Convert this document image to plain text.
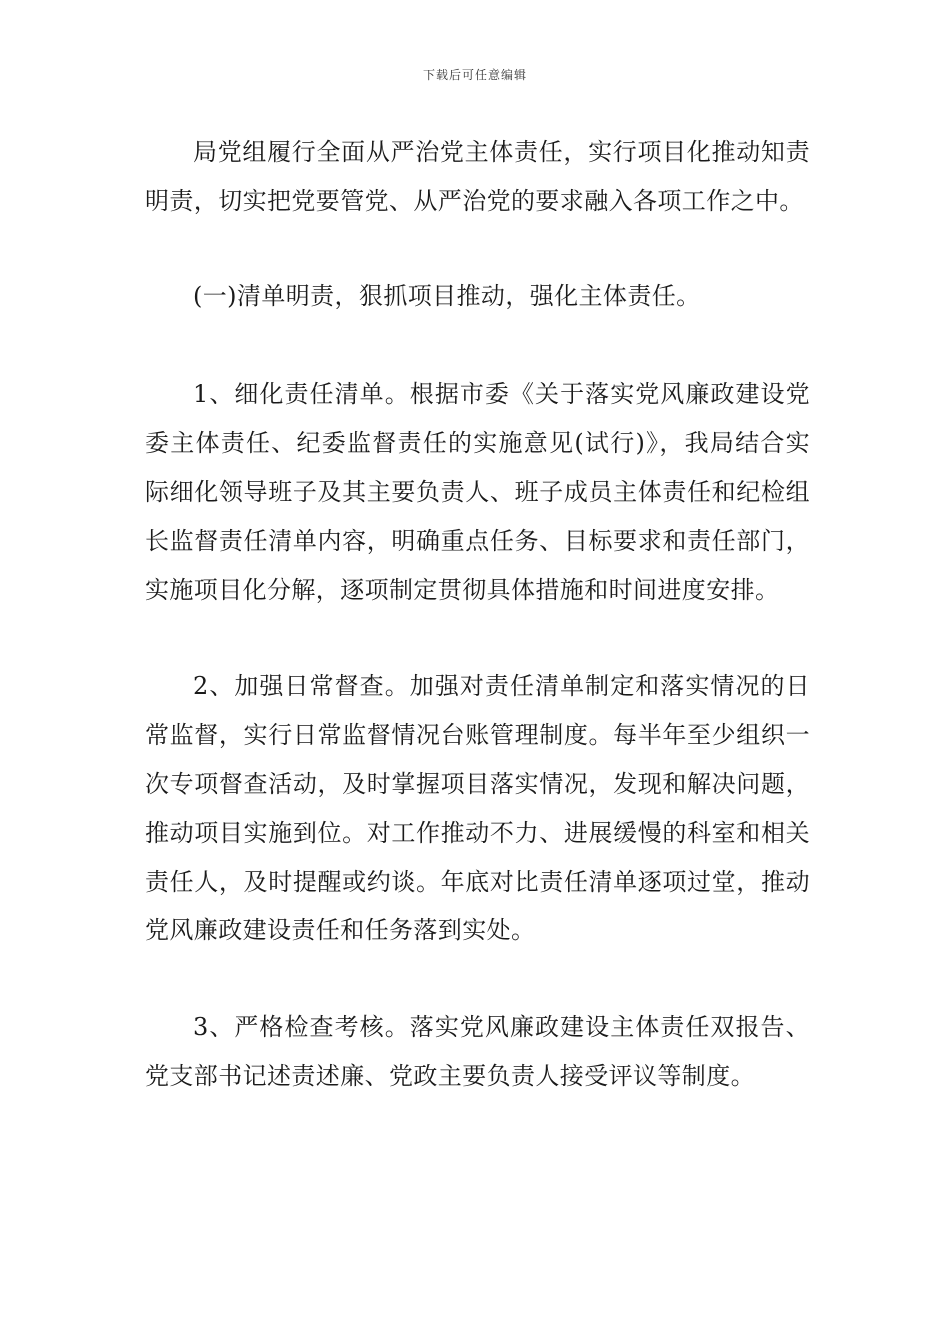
下载后可任意编辑

局党组履行全面从严治党主体责任，实行项目化推动知责明责，切实把党要管党、从严治党的要求融入各项工作之中。

(一)清单明责，狠抓项目推动，强化主体责任。

1、细化责任清单。根据市委《关于落实党风廉政建设党委主体责任、纪委监督责任的实施意见(试行)》，我局结合实际细化领导班子及其主要负责人、班子成员主体责任和纪检组长监督责任清单内容，明确重点任务、目标要求和责任部门，实施项目化分解，逐项制定贯彻具体措施和时间进度安排。

2、加强日常督查。加强对责任清单制定和落实情况的日常监督，实行日常监督情况台账管理制度。每半年至少组织一次专项督查活动，及时掌握项目落实情况，发现和解决问题，推动项目实施到位。对工作推动不力、进展缓慢的科室和相关责任人，及时提醒或约谈。年底对比责任清单逐项过堂，推动党风廉政建设责任和任务落到实处。

3、严格检查考核。落实党风廉政建设主体责任双报告、党支部书记述责述廉、党政主要负责人接受评议等制度。
